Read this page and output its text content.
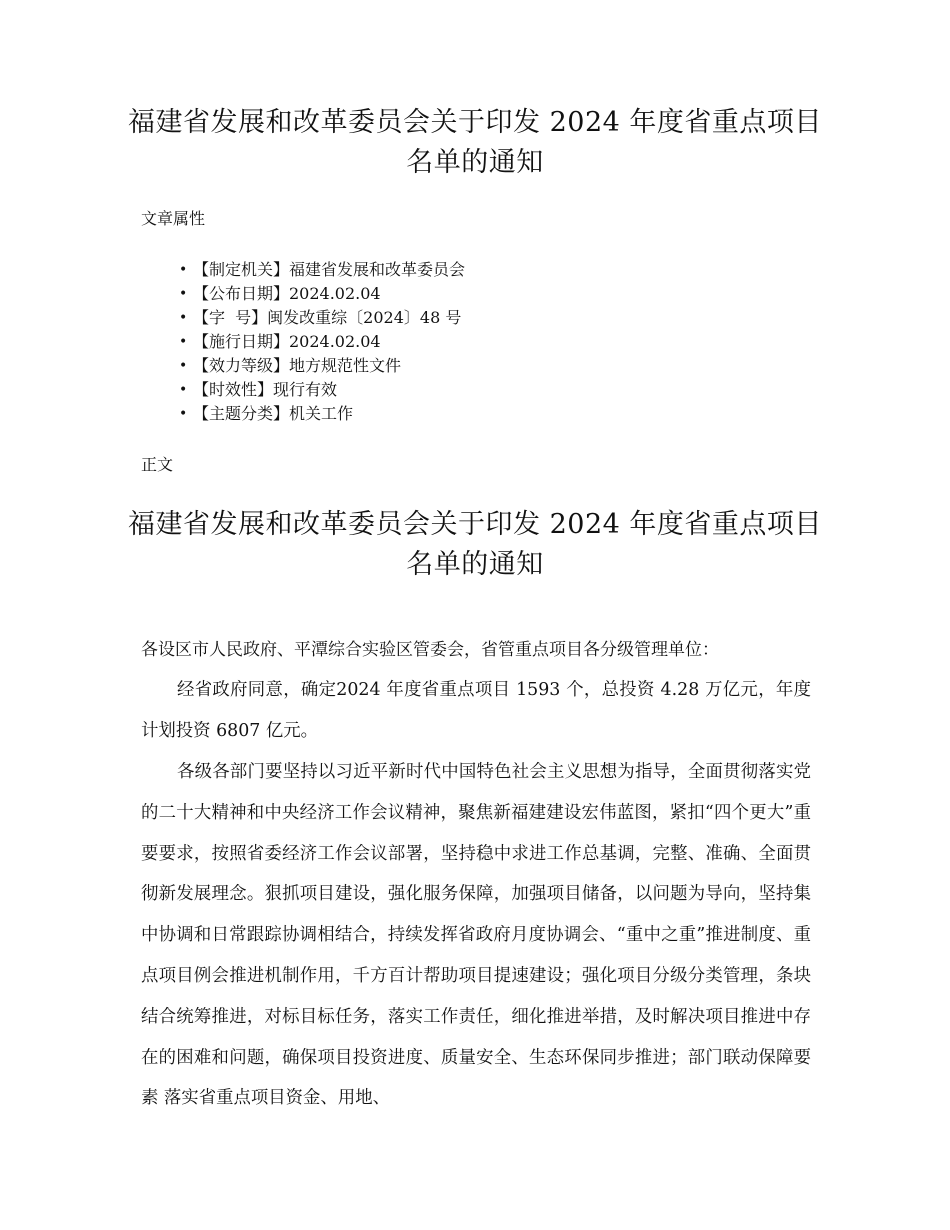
福建省发展和改革委员会关于印发 2024 年度省重点项目名单的通知
文章属性
• 【制定机关】福建省发展和改革委员会
• 【公布日期】2024.02.04
• 【字  号】闽发改重综〔2024〕48 号
• 【施行日期】2024.02.04
• 【效力等级】地方规范性文件
• 【时效性】现行有效
• 【主题分类】机关工作
正文
福建省发展和改革委员会关于印发 2024 年度省重点项目名单的通知
各设区市人民政府、平潭综合实验区管委会，省管重点项目各分级管理单位：

经省政府同意，确定2024 年度省重点项目 1593 个，总投资 4.28 万亿元，年度计划投资 6807 亿元。

各级各部门要坚持以习近平新时代中国特色社会主义思想为指导，全面贯彻落实党的二十大精神和中央经济工作会议精神，聚焦新福建建设宏伟蓝图，紧扣“四个更大”重要要求，按照省委经济工作会议部署，坚持稳中求进工作总基调，完整、准确、全面贯彻新发展理念。狠抓项目建设，强化服务保障，加强项目储备，以问题为导向，坚持集中协调和日常跟踪协调相结合，持续发挥省政府月度协调会、“重中之重”推进制度、重点项目例会推进机制作用，千方百计帮助项目提速建设；强化项目分级分类管理，条块结合统筹推进，对标目标任务，落实工作责任，细化推进举措，及时解决项目推进中存在的困难和问题，确保项目投资进度、质量安全、生态环保同步推进；部门联动保障要素 落实省重点项目资金、用地、
